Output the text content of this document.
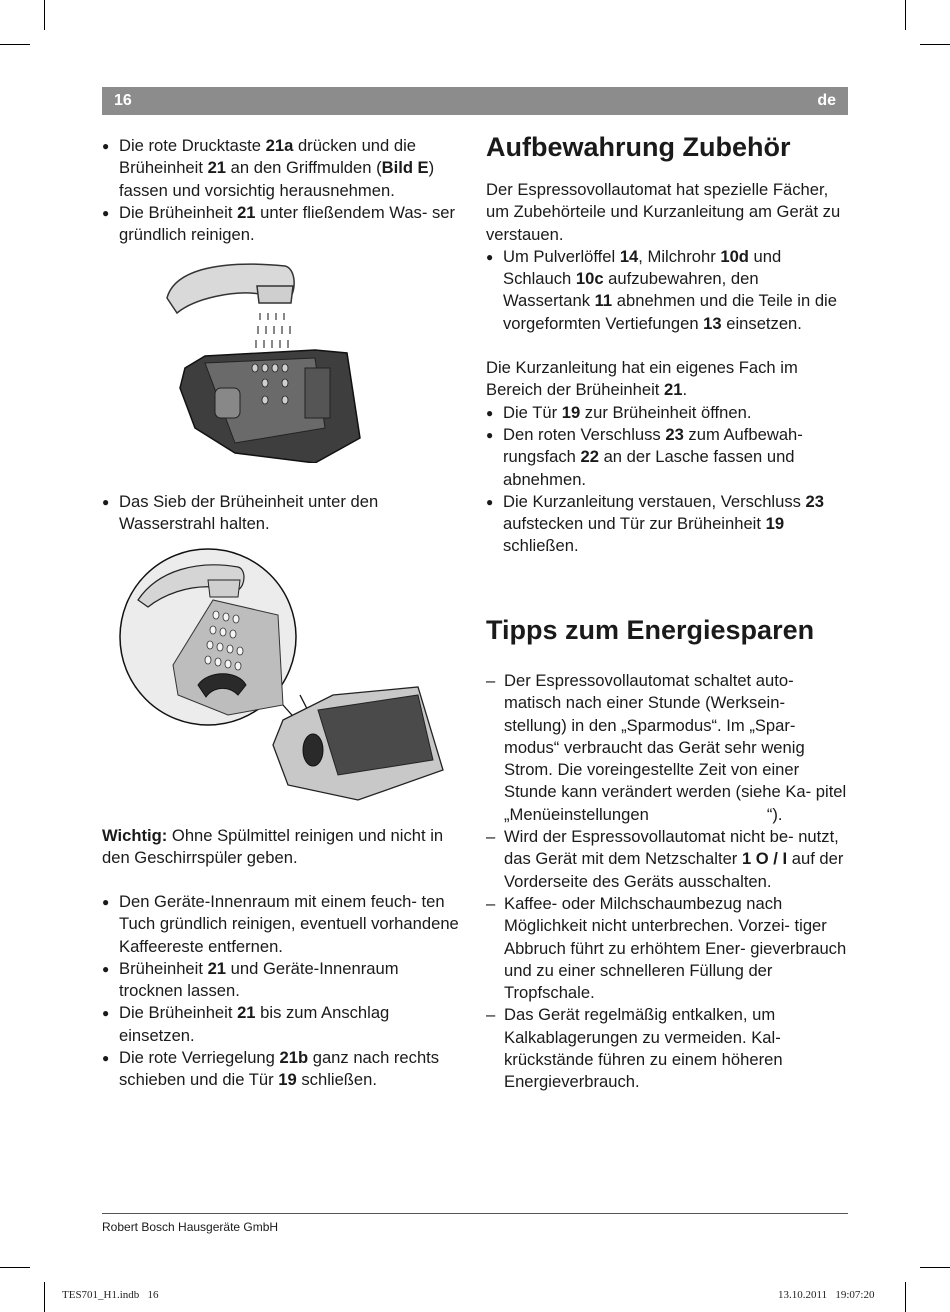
16	de
● Die rote Drucktaste 21a drücken und die Brüheinheit 21 an den Griffmulden (Bild E) fassen und vorsichtig herausnehmen.
● Die Brüheinheit 21 unter fließendem Was- ser gründlich reinigen.
● Das Sieb der Brüheinheit unter den Wasserstrahl halten.

Wichtig: Ohne Spülmittel reinigen und nicht in den Geschirrspüler geben.

● Den Geräte-Innenraum mit einem feuch- ten Tuch gründlich reinigen, eventuell vorhandene Kaffeereste entfernen.
● Brüheinheit 21 und Geräte-Innenraum trocknen lassen.
● Die Brüheinheit 21 bis zum Anschlag einsetzen.
● Die rote Verriegelung 21b ganz nach rechts schieben und die Tür 19 schließen.
Aufbewahrung Zubehör

Der Espressovollautomat hat spezielle Fächer, um Zubehörteile und Kurzanleitung am Gerät zu verstauen.

● Um Pulverlöffel 14, Milchrohr 10d und Schlauch 10c aufzubewahren, den Wassertank 11 abnehmen und die Teile in die vorgeformten Vertiefungen 13 einsetzen.

Die Kurzanleitung hat ein eigenes Fach im Bereich der Brüheinheit 21.

● Die Tür 19 zur Brüheinheit öffnen.
● Den roten Verschluss 23 zum Aufbewah- rungsfach 22 an der Lasche fassen und abnehmen.
● Die Kurzanleitung verstauen, Verschluss 23 aufstecken und Tür zur Brüheinheit 19 schließen.
Tipps zum Energiesparen
– Der Espressovollautomat schaltet auto- matisch nach einer Stunde (Werksein- stellung) in den „Sparmodus“. Im „Spar- modus“ verbraucht das Gerät sehr wenig Strom. Die voreingestellte Zeit von einer Stunde kann verändert werden (siehe Ka- pitel „Menüeinstellungen	“).
– Wird der Espressovollautomat nicht be- nutzt, das Gerät mit dem Netzschalter 1 O / I auf der Vorderseite des Geräts ausschalten.
– Kaffee- oder Milchschaumbezug nach Möglichkeit nicht unterbrechen. Vorzei- tiger Abbruch führt zu erhöhtem Ener- gieverbrauch und zu einer schnelleren Füllung der Tropfschale.
– Das Gerät regelmäßig entkalken, um Kalkablagerungen zu vermeiden. Kal- krückstände führen zu einem höheren Energieverbrauch.
Robert Bosch Hausgeräte GmbH
TES701_H1.indb   16	13.10.2011   19:07:20
